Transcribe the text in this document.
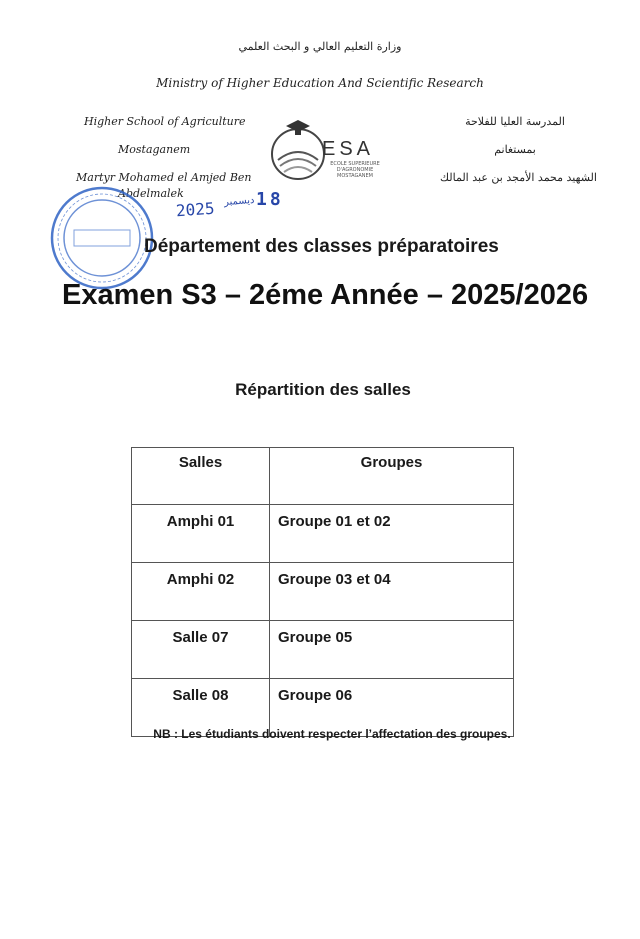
وزارة التعليم العالي و البحث العلمي
Ministry of Higher Education And Scientific Research
Higher School of Agriculture
Mostaganem
Martyr Mohamed el Amjed Ben
Abdelmalek
المدرسة العليا للفلاحة
بمستغانم
الشهيد محمد الأمجد بن عبد المالك
ESA
ECOLE SUPERIEURE D'AGRONOMIE MOSTAGANEM
2025 ديسمبر 18
Département des classes préparatoires
Examen S3 – 2éme Année – 2025/2026
Répartition des salles
Salles	Groupes
Amphi 01	Groupe 01 et 02
Amphi 02	Groupe 03 et 04
Salle 07	Groupe 05
Salle 08	Groupe 06
NB : Les étudiants doivent respecter l’affectation des groupes.
